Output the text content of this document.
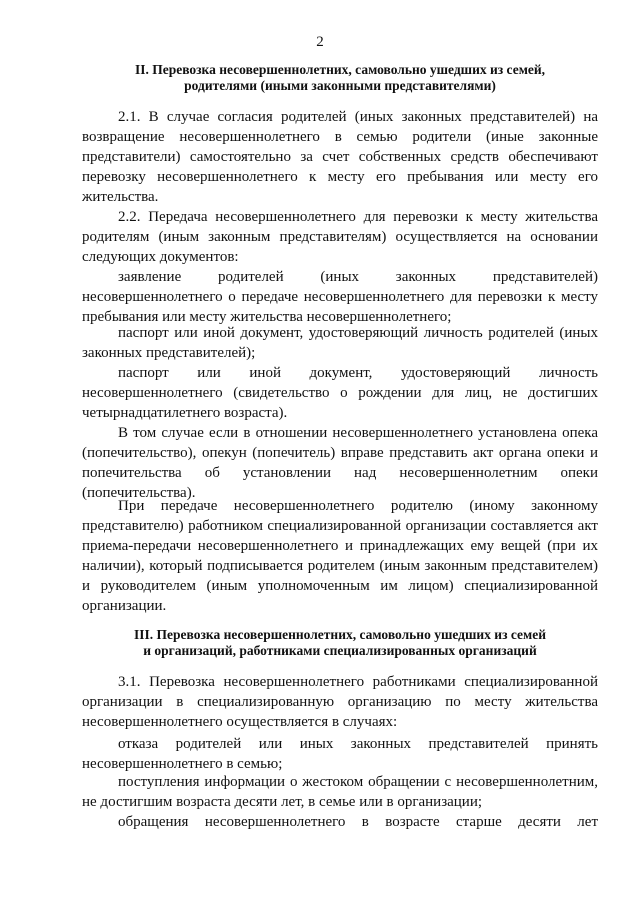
2
II. Перевозка несовершеннолетних, самовольно ушедших из семей,
родителями (иными законными представителями)
2.1. В случае согласия родителей (иных законных представителей) на возвращение несовершеннолетнего в семью родители (иные законные представители) самостоятельно за счет собственных средств обеспечивают перевозку несовершеннолетнего к месту его пребывания или месту его жительства.
2.2. Передача несовершеннолетнего для перевозки к месту жительства родителям (иным законным представителям) осуществляется на основании следующих документов:
заявление родителей (иных законных представителей) несовершеннолетнего о передаче несовершеннолетнего для перевозки к месту пребывания или месту жительства несовершеннолетнего;
паспорт или иной документ, удостоверяющий личность родителей (иных законных представителей);
паспорт или иной документ, удостоверяющий личность несовершеннолетнего (свидетельство о рождении для лиц, не достигших четырнадцатилетнего возраста).
В том случае если в отношении несовершеннолетнего установлена опека (попечительство), опекун (попечитель) вправе представить акт органа опеки и попечительства об установлении над несовершеннолетним опеки (попечительства).
При передаче несовершеннолетнего родителю (иному законному представителю) работником специализированной организации составляется акт приема-передачи несовершеннолетнего и принадлежащих ему вещей (при их наличии), который подписывается родителем (иным законным представителем) и руководителем (иным уполномоченным им лицом) специализированной организации.
III. Перевозка несовершеннолетних, самовольно ушедших из семей
и организаций, работниками специализированных организаций
3.1. Перевозка несовершеннолетнего работниками специализированной организации в специализированную организацию по месту жительства несовершеннолетнего осуществляется в случаях:
отказа родителей или иных законных представителей принять несовершеннолетнего в семью;
поступления информации о жестоком обращении с несовершеннолетним, не достигшим возраста десяти лет, в семье или в организации;
обращения несовершеннолетнего в возрасте старше десяти лет
